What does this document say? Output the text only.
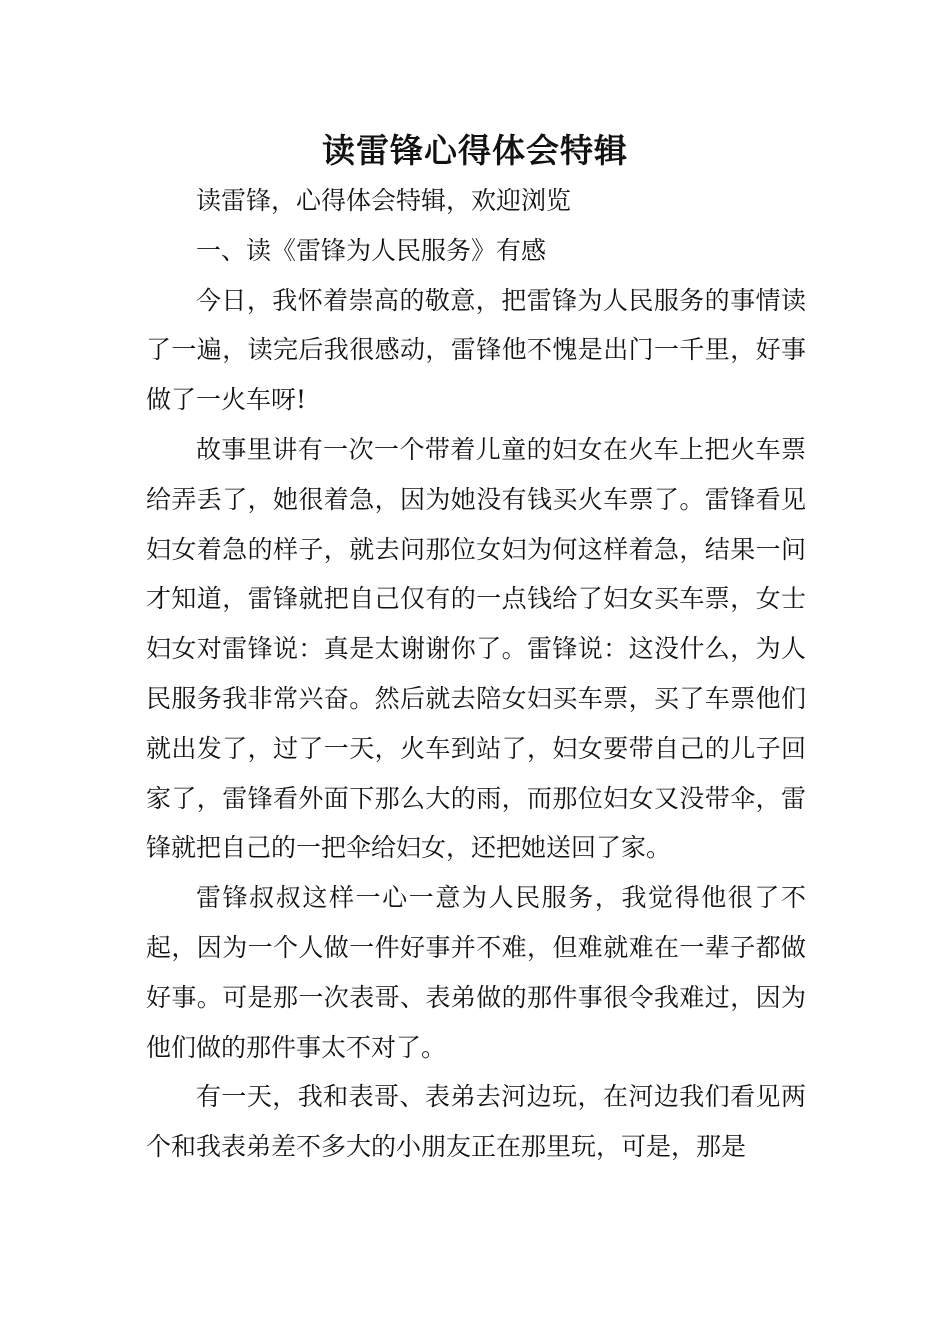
读雷锋心得体会特辑

读雷锋，心得体会特辑，欢迎浏览

一、读《雷锋为人民服务》有感

今日，我怀着崇高的敬意，把雷锋为人民服务的事情读了一遍，读完后我很感动，雷锋他不愧是出门一千里，好事做了一火车呀!

故事里讲有一次一个带着儿童的妇女在火车上把火车票给弄丢了，她很着急，因为她没有钱买火车票了。雷锋看见妇女着急的样子，就去问那位女妇为何这样着急，结果一问才知道，雷锋就把自己仅有的一点钱给了妇女买车票，女士妇女对雷锋说：真是太谢谢你了。雷锋说：这没什么，为人民服务我非常兴奋。然后就去陪女妇买车票，买了车票他们就出发了，过了一天，火车到站了，妇女要带自己的儿子回家了，雷锋看外面下那么大的雨，而那位妇女又没带伞，雷锋就把自己的一把伞给妇女，还把她送回了家。

雷锋叔叔这样一心一意为人民服务，我觉得他很了不起，因为一个人做一件好事并不难，但难就难在一辈子都做好事。可是那一次表哥、表弟做的那件事很令我难过，因为他们做的那件事太不对了。

有一天，我和表哥、表弟去河边玩，在河边我们看见两个和我表弟差不多大的小朋友正在那里玩，可是，那是
